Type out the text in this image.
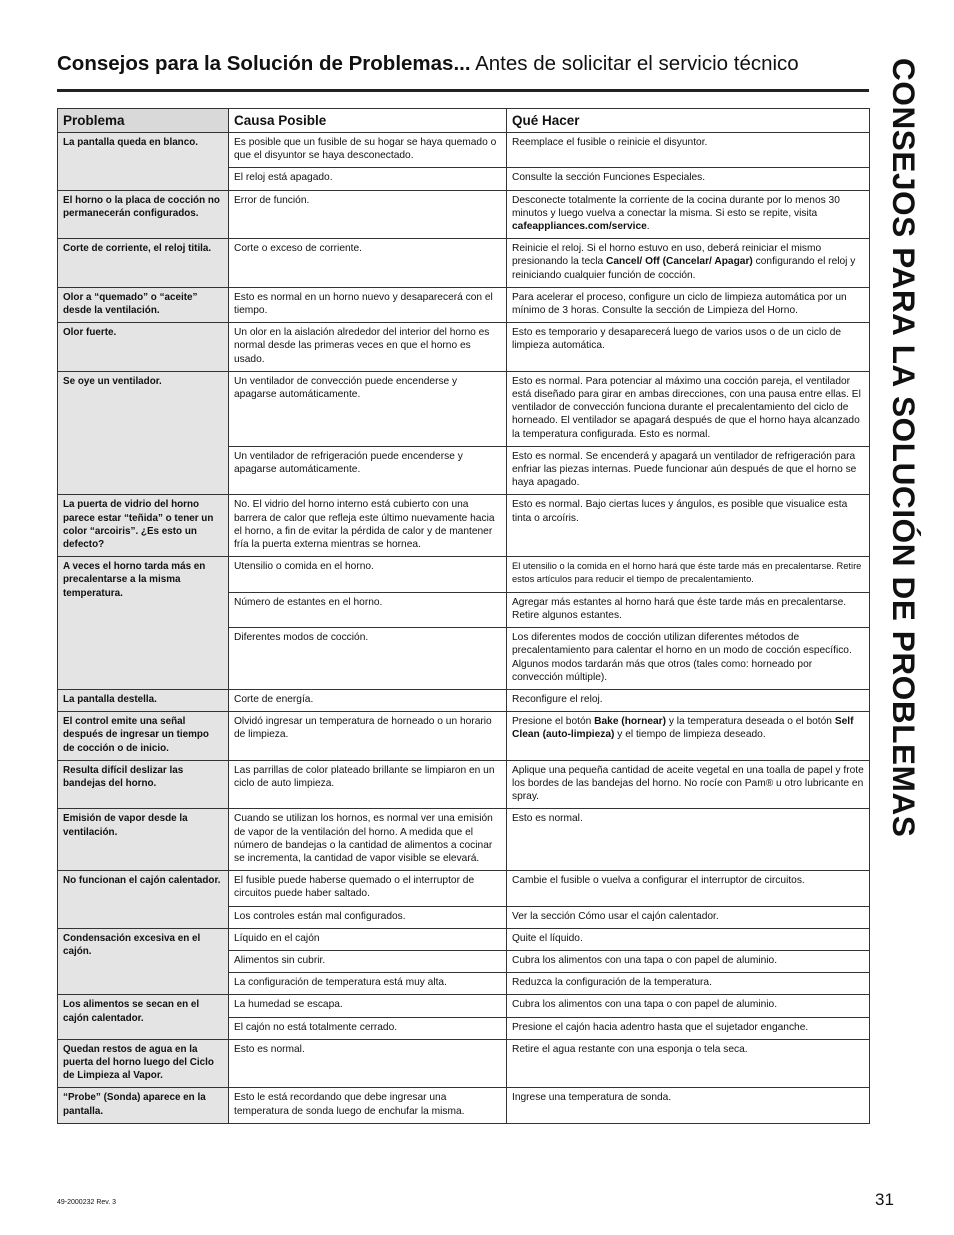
Consejos para la Solución de Problemas... Antes de solicitar el servicio técnico	CONSEJOS PARA LA SOLUCIÓN DE PROBLEMAS
Problema	Causa Posible	Qué Hacer
La pantalla queda en blanco.	Es posible que un fusible de su hogar se haya quemado o que el disyuntor se haya desconectado.	Reemplace el fusible o reinicie el disyuntor.
	El reloj está apagado.	Consulte la sección Funciones Especiales.
El horno o la placa de cocción no permanecerán configurados.	Error de función.	Desconecte totalmente la corriente de la cocina durante por lo menos 30 minutos y luego vuelva a conectar la misma. Si esto se repite, visita cafeappliances.com/service.
Corte de corriente, el reloj titila.	Corte o exceso de corriente.	Reinicie el reloj. Si el horno estuvo en uso, deberá reiniciar el mismo presionando la tecla Cancel/ Off (Cancelar/ Apagar) configurando el reloj y reiniciando cualquier función de cocción.
Olor a “quemado” o “aceite” desde la ventilación.	Esto es normal en un horno nuevo y desaparecerá con el tiempo.	Para acelerar el proceso, configure un ciclo de limpieza automática por un mínimo de 3 horas. Consulte la sección de Limpieza del Horno.
Olor fuerte.	Un olor en la aislación alrededor del interior del horno es normal desde las primeras veces en que el horno es usado.	Esto es temporario y desaparecerá luego de varios usos o de un ciclo de limpieza automática.
Se oye un ventilador.	Un ventilador de convección puede encenderse y apagarse automáticamente.	Esto es normal. Para potenciar al máximo una cocción pareja, el ventilador está diseñado para girar en ambas direcciones, con una pausa entre ellas. El ventilador de convección funciona durante el precalentamiento del ciclo de horneado. El ventilador se apagará después de que el horno haya alcanzado la temperatura configurada. Esto es normal.
	Un ventilador de refrigeración puede encenderse y apagarse automáticamente.	Esto es normal. Se encenderá y apagará un ventilador de refrigeración para enfriar las piezas internas. Puede funcionar aún después de que el horno se haya apagado.
La puerta de vidrio del horno parece estar “teñida” o tener un color “arcoiris”. ¿Es esto un defecto?	No. El vidrio del horno interno está cubierto con una barrera de calor que refleja este último nuevamente hacia el horno, a fin de evitar la pérdida de calor y de mantener fría la puerta externa mientras se hornea.	Esto es normal. Bajo ciertas luces y ángulos, es posible que visualice esta tinta o arcoíris.
A veces el horno tarda más en precalentarse a la misma temperatura.	Utensilio o comida en el horno.	El utensilio o la comida en el horno hará que éste tarde más en precalentarse. Retire estos artículos para reducir el tiempo de precalentamiento.
	Número de estantes en el horno.	Agregar más estantes al horno hará que éste tarde más en precalentarse. Retire algunos estantes.
	Diferentes modos de cocción.	Los diferentes modos de cocción utilizan diferentes métodos de precalentamiento para calentar el horno en un modo de cocción específico. Algunos modos tardarán más que otros (tales como: horneado por convección múltiple).
La pantalla destella.	Corte de energía.	Reconfigure el reloj.
El control emite una señal después de ingresar un tiempo de cocción o de inicio.	Olvidó ingresar un temperatura de horneado o un horario de limpieza.	Presione el botón Bake (hornear) y la temperatura deseada o el botón Self Clean (auto-limpieza) y el tiempo de limpieza deseado.
Resulta difícil deslizar las bandejas del horno.	Las parrillas de color plateado brillante se limpiaron en un ciclo de auto limpieza.	Aplique una pequeña cantidad de aceite vegetal en una toalla de papel y frote los bordes de las bandejas del horno. No rocíe con Pam® u otro lubricante en spray.
Emisión de vapor desde la ventilación.	Cuando se utilizan los hornos, es normal ver una emisión de vapor de la ventilación del horno. A medida que el número de bandejas o la cantidad de alimentos a cocinar se incrementa, la cantidad de vapor visible se elevará.	Esto es normal.
No funcionan el cajón calentador.	El fusible puede haberse quemado o el interruptor de circuitos puede haber saltado.	Cambie el fusible o vuelva a configurar el interruptor de circuitos.
	Los controles están mal configurados.	Ver la sección Cómo usar el cajón calentador.
Condensación excesiva en el cajón.	Líquido en el cajón	Quite el líquido.
	Alimentos sin cubrir.	Cubra los alimentos con una tapa o con papel de aluminio.
	La configuración de temperatura está muy alta.	Reduzca la configuración de la temperatura.
Los alimentos se secan en el cajón calentador.	La humedad se escapa.	Cubra los alimentos con una tapa o con papel de aluminio.
	El cajón no está totalmente cerrado.	Presione el cajón hacia adentro hasta que el sujetador enganche.
Quedan restos de agua en la puerta del horno luego del Ciclo de Limpieza al Vapor.	Esto es normal.	Retire el agua restante con una esponja o tela seca.
“Probe” (Sonda) aparece en la pantalla.	Esto le está recordando que debe ingresar una temperatura de sonda luego de enchufar la misma.	Ingrese una temperatura de sonda.
49-2000232 Rev. 3	31
